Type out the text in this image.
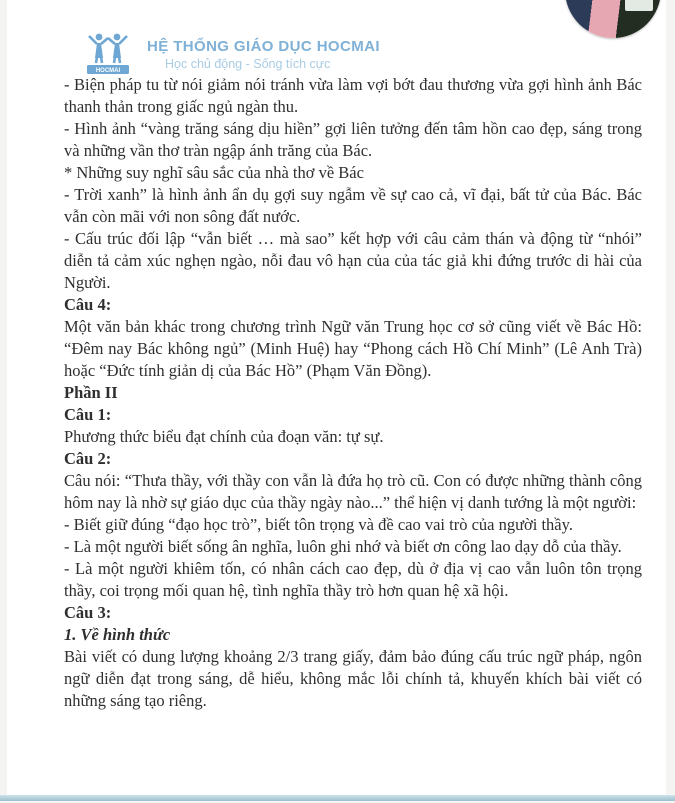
HOCMAI
HỆ THỐNG GIÁO DỤC HOCMAI
Học chủ động - Sống tích cực

- Biện pháp tu từ nói giảm nói tránh vừa làm vợi bớt đau thương vừa gợi hình ảnh Bác thanh thản trong giấc ngủ ngàn thu.

- Hình ảnh “vàng trăng sáng dịu hiền” gợi liên tưởng đến tâm hồn cao đẹp, sáng trong và những vần thơ tràn ngập ánh trăng của Bác.

* Những suy nghĩ sâu sắc của nhà thơ về Bác

- Trời xanh” là hình ảnh ẩn dụ gợi suy ngẫm về sự cao cả, vĩ đại, bất tử của Bác. Bác vẫn còn mãi với non sông đất nước.

- Cấu trúc đối lập “vẫn biết … mà sao” kết hợp với câu cảm thán và động từ “nhói” diễn tả cảm xúc nghẹn ngào, nỗi đau vô hạn của của tác giả khi đứng trước di hài của Người.

Câu 4:

Một văn bản khác trong chương trình Ngữ văn Trung học cơ sở cũng viết về Bác Hồ: “Đêm nay Bác không ngủ” (Minh Huệ) hay “Phong cách Hồ Chí Minh” (Lê Anh Trà) hoặc “Đức tính giản dị của Bác Hồ” (Phạm Văn Đồng).

Phần II

Câu 1:

Phương thức biểu đạt chính của đoạn văn: tự sự.

Câu 2:

Câu nói: “Thưa thầy, với thầy con vẫn là đứa họ trò cũ. Con có được những thành công hôm nay là nhờ sự giáo dục của thầy ngày nào...” thể hiện vị danh tướng là một người:

- Biết giữ đúng “đạo học trò”, biết tôn trọng và đề cao vai trò của người thầy.

- Là một người biết sống ân nghĩa, luôn ghi nhớ và biết ơn công lao dạy dỗ của thầy.

- Là một người khiêm tốn, có nhân cách cao đẹp, dù ở địa vị cao vẫn luôn tôn trọng thầy, coi trọng mối quan hệ, tình nghĩa thầy trò hơn quan hệ xã hội.

Câu 3:

1. Về hình thức

Bài viết có dung lượng khoảng 2/3 trang giấy, đảm bảo đúng cấu trúc ngữ pháp, ngôn ngữ diễn đạt trong sáng, dễ hiểu, không mắc lỗi chính tả, khuyến khích bài viết có những sáng tạo riêng.
